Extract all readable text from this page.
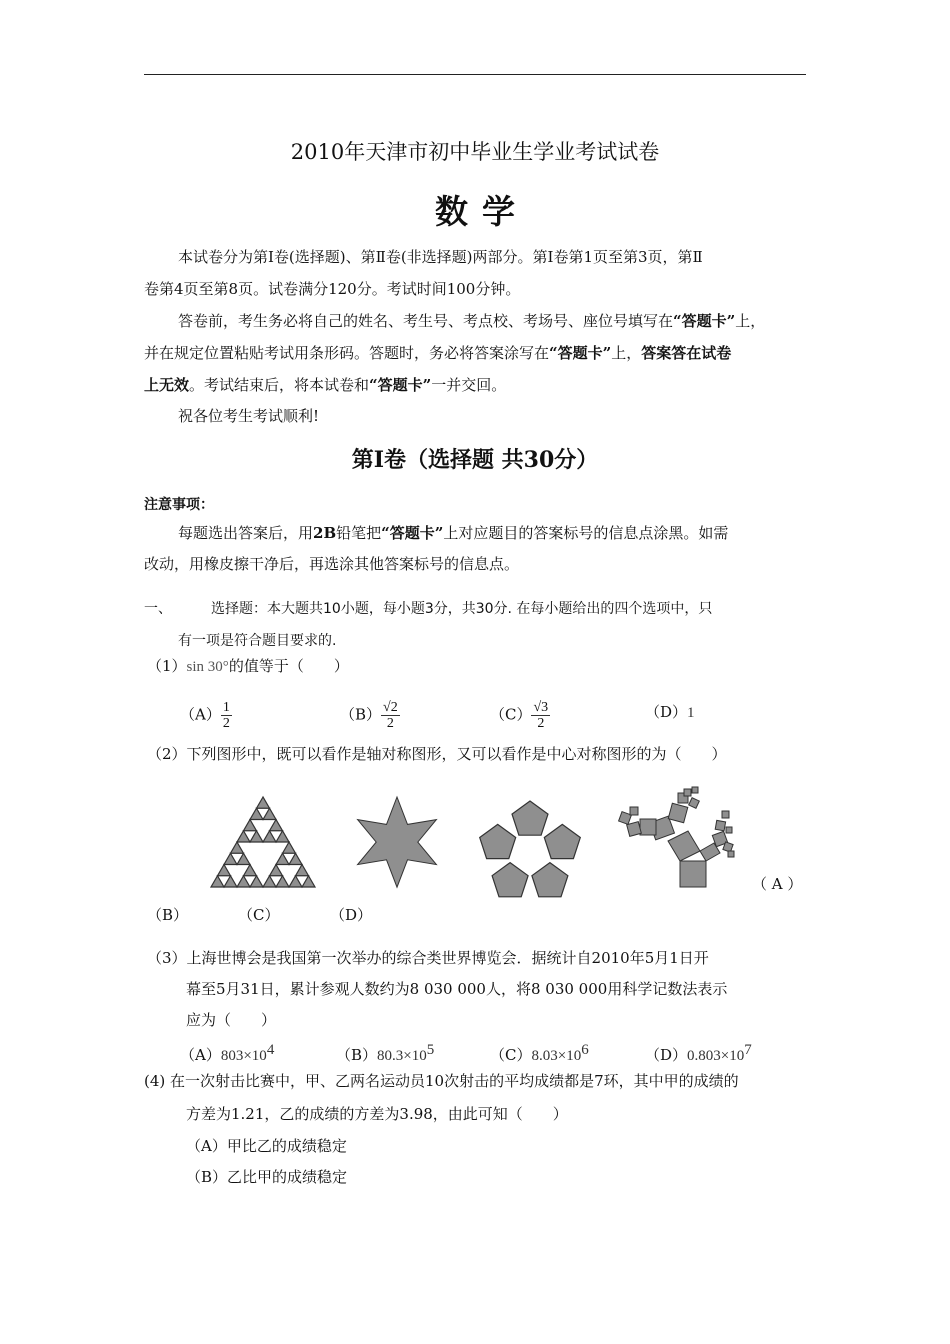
2010年天津市初中毕业生学业考试试卷
数学
本试卷分为第Ⅰ卷(选择题)、第Ⅱ卷(非选择题)两部分。第Ⅰ卷第1页至第3页，第Ⅱ
卷第4页至第8页。试卷满分120分。考试时间100分钟。
答卷前，考生务必将自己的姓名、考生号、考点校、考场号、座位号填写在“答题卡”上，
并在规定位置粘贴考试用条形码。答题时，务必将答案涂写在“答题卡”上，答案答在试卷
上无效。考试结束后，将本试卷和“答题卡”一并交回。
祝各位考生考试顺利!
第Ⅰ卷（选择题 共30分）
注意事项：
每题选出答案后，用2B铅笔把“答题卡”上对应题目的答案标号的信息点涂黑。如需
改动，用橡皮擦干净后，再选涂其他答案标号的信息点。
一、	选择题：本大题共10小题，每小题3分，共30分. 在每小题给出的四个选项中，只
有一项是符合题目要求的.
（1）sin 30°的值等于（　　）
$(A) \frac{1}{2}$	$(B) \frac{√2}{2}$	$(C) \frac{√3}{2}$	（D）1
（2）下列图形中，既可以看作是轴对称图形，又可以看作是中心对称图形的为（　　）
（ A ）
（B）	（C）	（D）
（3）上海世博会是我国第一次举办的综合类世界博览会．据统计自2010年5月1日开
幕至5月31日，累计参观人数约为8 030 000人，将8 030 000用科学记数法表示
应为（　　）
$(A)803\times 10^4$	$(B)80.3\times 10^5$	$(C)8.03\times 10^6$	$(D)0.803\times 10^7$
(4) 在一次射击比赛中，甲、乙两名运动员10次射击的平均成绩都是7环，其中甲的成绩的
方差为1.21，乙的成绩的方差为3.98，由此可知（　　）
（A）甲比乙的成绩稳定
（B）乙比甲的成绩稳定
